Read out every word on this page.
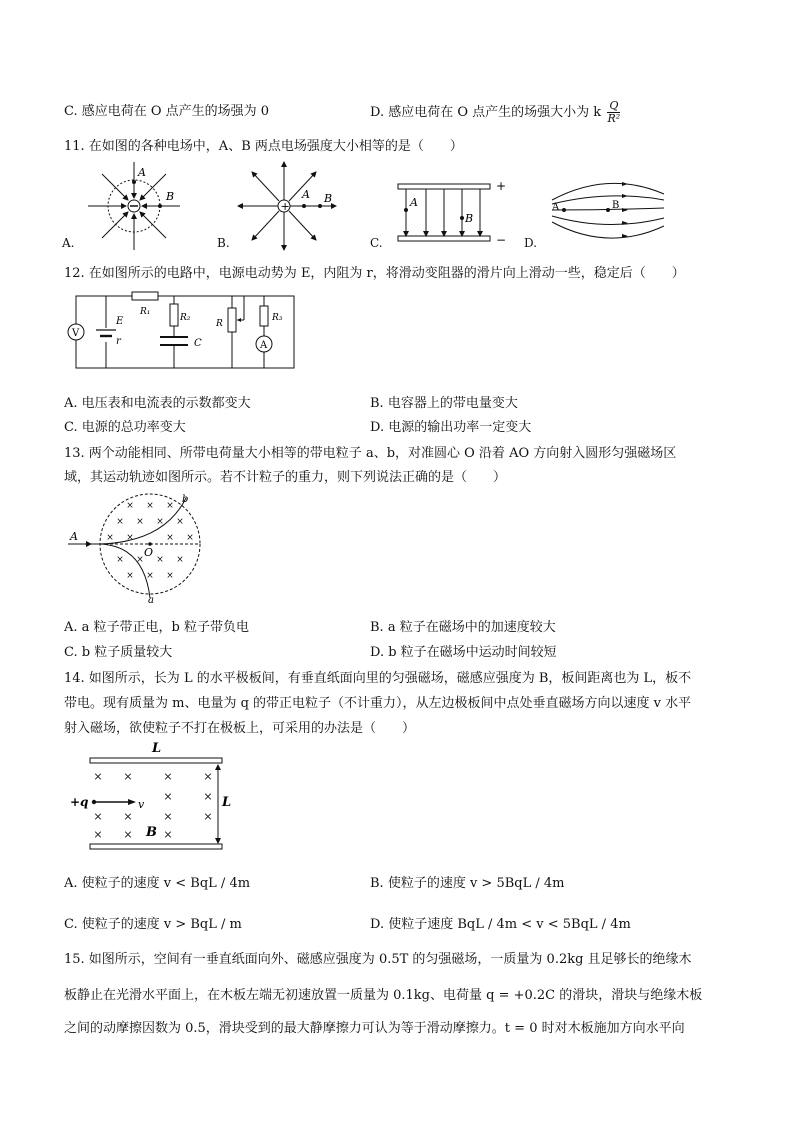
C. 感应电荷在 O 点产生的场强为 0	D. 感应电荷在 O 点产生的场强大小为 k $\frac{Q}{\text{R²}}$
11. 在如图的各种电场中，A、B 两点电场强度大小相等的是（　　）
A
B
+
A B	A
B
+
−
A	B
A.	B.	C.	D.
12. 在如图所示的电路中，电源电动势为 E，内阻为 r，将滑动变阻器的滑片向上滑动一些，稳定后（　　）
V
E
r
R₁
R₂
C
R
R₃
A
A. 电压表和电流表的示数都变大	B. 电容器上的带电量变大
C. 电源的总功率变大	D. 电源的输出功率一定变大
13. 两个动能相同、所带电荷量大小相等的带电粒子 a、b，对准圆心 O 沿着 AO 方向射入圆形匀强磁场区
域，其运动轨迹如图所示。若不计粒子的重力，则下列说法正确的是（　　）
× × ×
× × × ×
× ×	× ×
× × × ×
× × ×
A
O
a
b
A. a 粒子带正电，b 粒子带负电	B. a 粒子在磁场中的加速度较大
C. b 粒子质量较大	D. b 粒子在磁场中运动时间较短
14. 如图所示，长为 L 的水平极板间，有垂直纸面向里的匀强磁场，磁感应强度为 B，板间距离也为 L，板不
带电。现有质量为 m、电量为 q 的带正电粒子（不计重力），从左边极板间中点处垂直磁场方向以速度 v 水平
射入磁场，欲使粒子不打在极板上，可采用的办法是（　　）
× ×	×	×
× ×	×	×
× ×	×
×	×
L
L
+q	v
B
A. 使粒子的速度 v < BqL / 4m	B. 使粒子的速度 v > 5BqL / 4m
C. 使粒子的速度 v > BqL / m	D. 使粒子速度 BqL / 4m < v < 5BqL / 4m
15. 如图所示，空间有一垂直纸面向外、磁感应强度为 0.5T 的匀强磁场，一质量为 0.2kg 且足够长的绝缘木
板静止在光滑水平面上，在木板左端无初速放置一质量为 0.1kg、电荷量 q = +0.2C 的滑块，滑块与绝缘木板
之间的动摩擦因数为 0.5，滑块受到的最大静摩擦力可认为等于滑动摩擦力。t = 0 时对木板施加方向水平向
